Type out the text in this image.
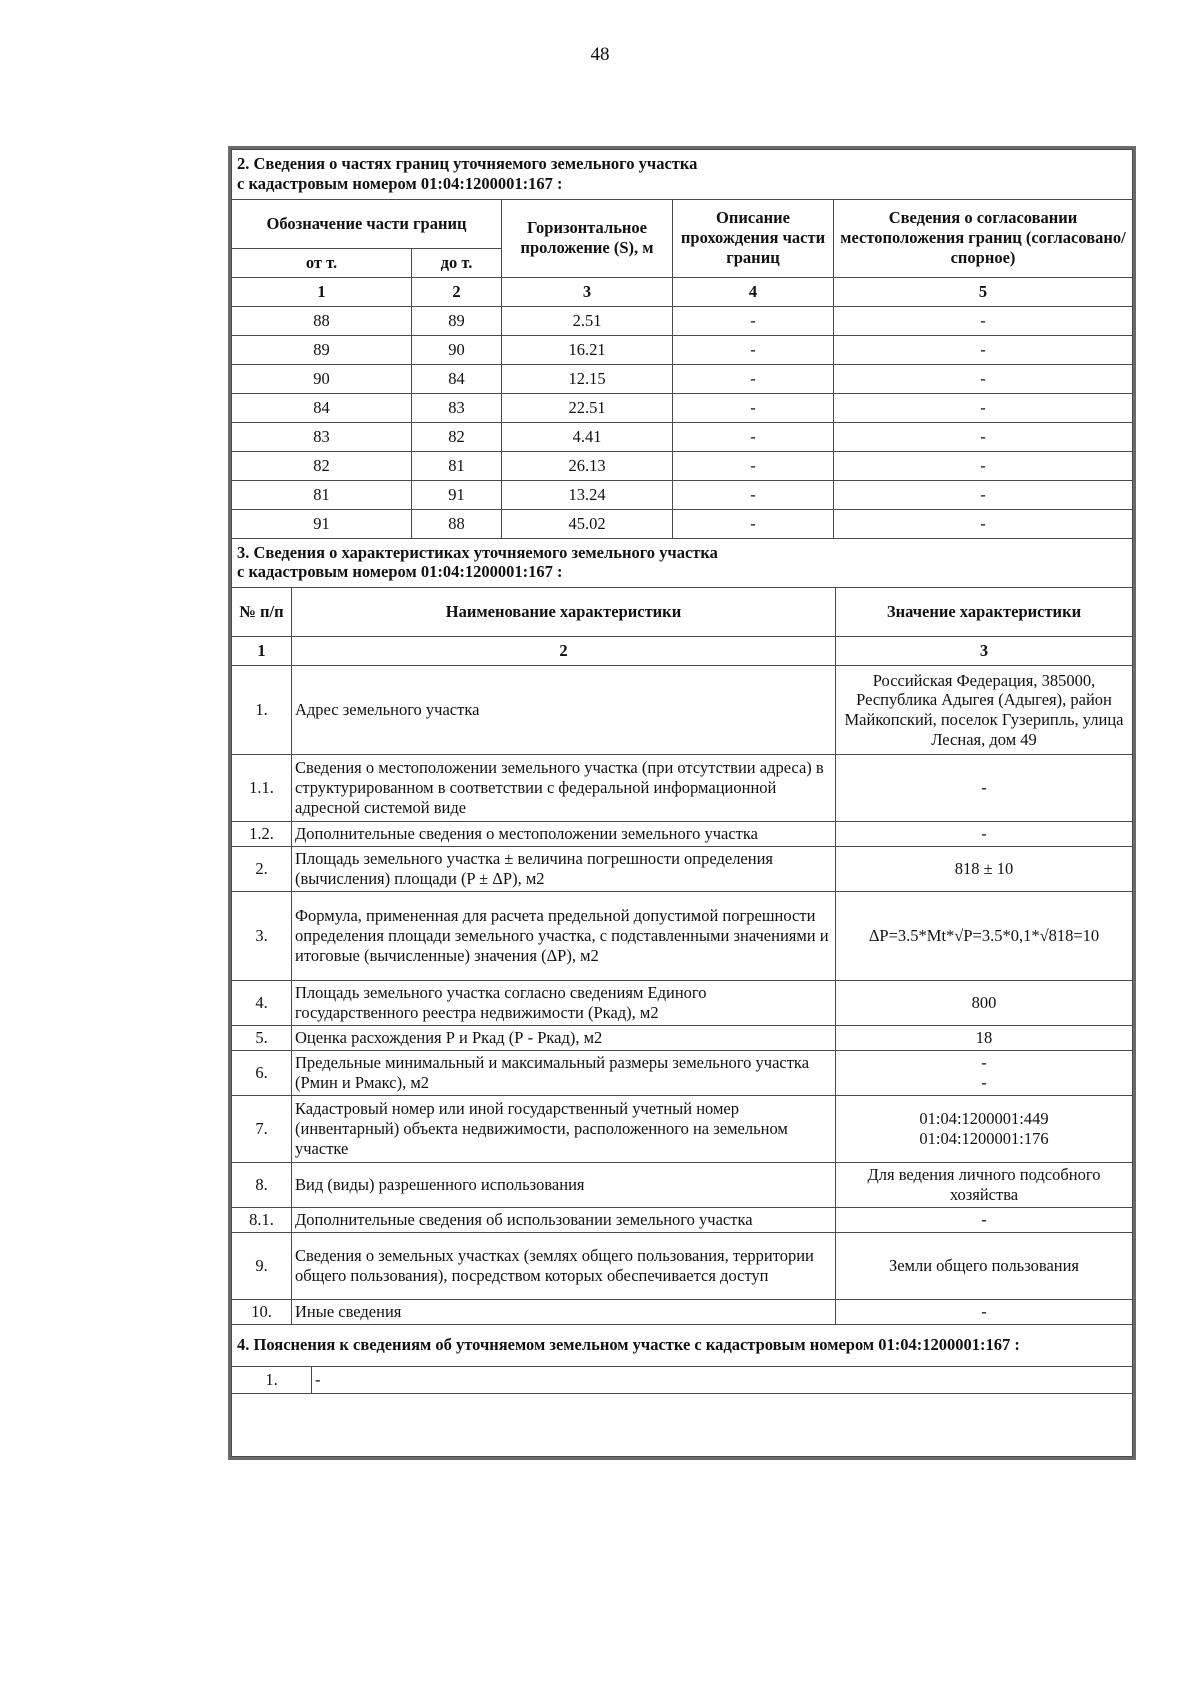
48
2. Сведения о частях границ уточняемого земельного участка
с кадастровым номером 01:04:1200001:167 :				

Обозначение части границ		Горизонтальное проложение (S), м	Описание прохождения части границ	Сведения о согласовании местоположения границ (согласовано/спорное)
от т.	до т.			
1	2	3	4	5
88	89	2.51	-	-
89	90	16.21	-	-
90	84	12.15	-	-
84	83	22.51	-	-
83	82	4.41	-	-
82	81	26.13	-	-
81	91	13.24	-	-
91	88	45.02	-	-
3. Сведения о характеристиках уточняемого земельного участка
с кадастровым номером 01:04:1200001:167 :		

№ п/п	Наименование характеристики	Значение характеристики
1	2	3
1.	Адрес земельного участка	Российская Федерация, 385000, Республика Адыгея (Адыгея), район Майкопский, поселок Гузерипль, улица Лесная, дом 49
1.1.	Сведения о местоположении земельного участка (при отсутствии адреса) в структурированном в соответствии с федеральной информационной адресной системой виде	-
1.2.	Дополнительные сведения о местоположении земельного участка	-
2.	Площадь земельного участка ± величина погрешности определения (вычисления) площади (P ± ΔP), м2	818 ± 10
3.	Формула, примененная для расчета предельной допустимой погрешности определения площади земельного участка, с подставленными значениями и итоговые (вычисленные) значения (ΔP), м2	ΔP=3.5*Mt*√P=3.5*0,1*√818=10
4.	Площадь земельного участка согласно сведениям Единого государственного реестра недвижимости (Ркад), м2	800
5.	Оценка расхождения Р и Ркад (Р - Ркад), м2	18
6.	Предельные минимальный и максимальный размеры земельного участка (Pмин и Рмакс), м2	-
-
7.	Кадастровый номер или иной государственный учетный номер (инвентарный) объекта недвижимости, расположенного на земельном участке	01:04:1200001:449
01:04:1200001:176
8.	Вид (виды) разрешенного использования	Для ведения личного подсобного хозяйства
8.1.	Дополнительные сведения об использовании земельного участка	-
9.	Сведения о земельных участках (землях общего пользования, территории общего пользования), посредством которых обеспечивается доступ	Земли общего пользования
10.	Иные сведения	-
4. Пояснения к сведениям об уточняемом земельном участке с кадастровым номером 01:04:1200001:167 :
1.	-
